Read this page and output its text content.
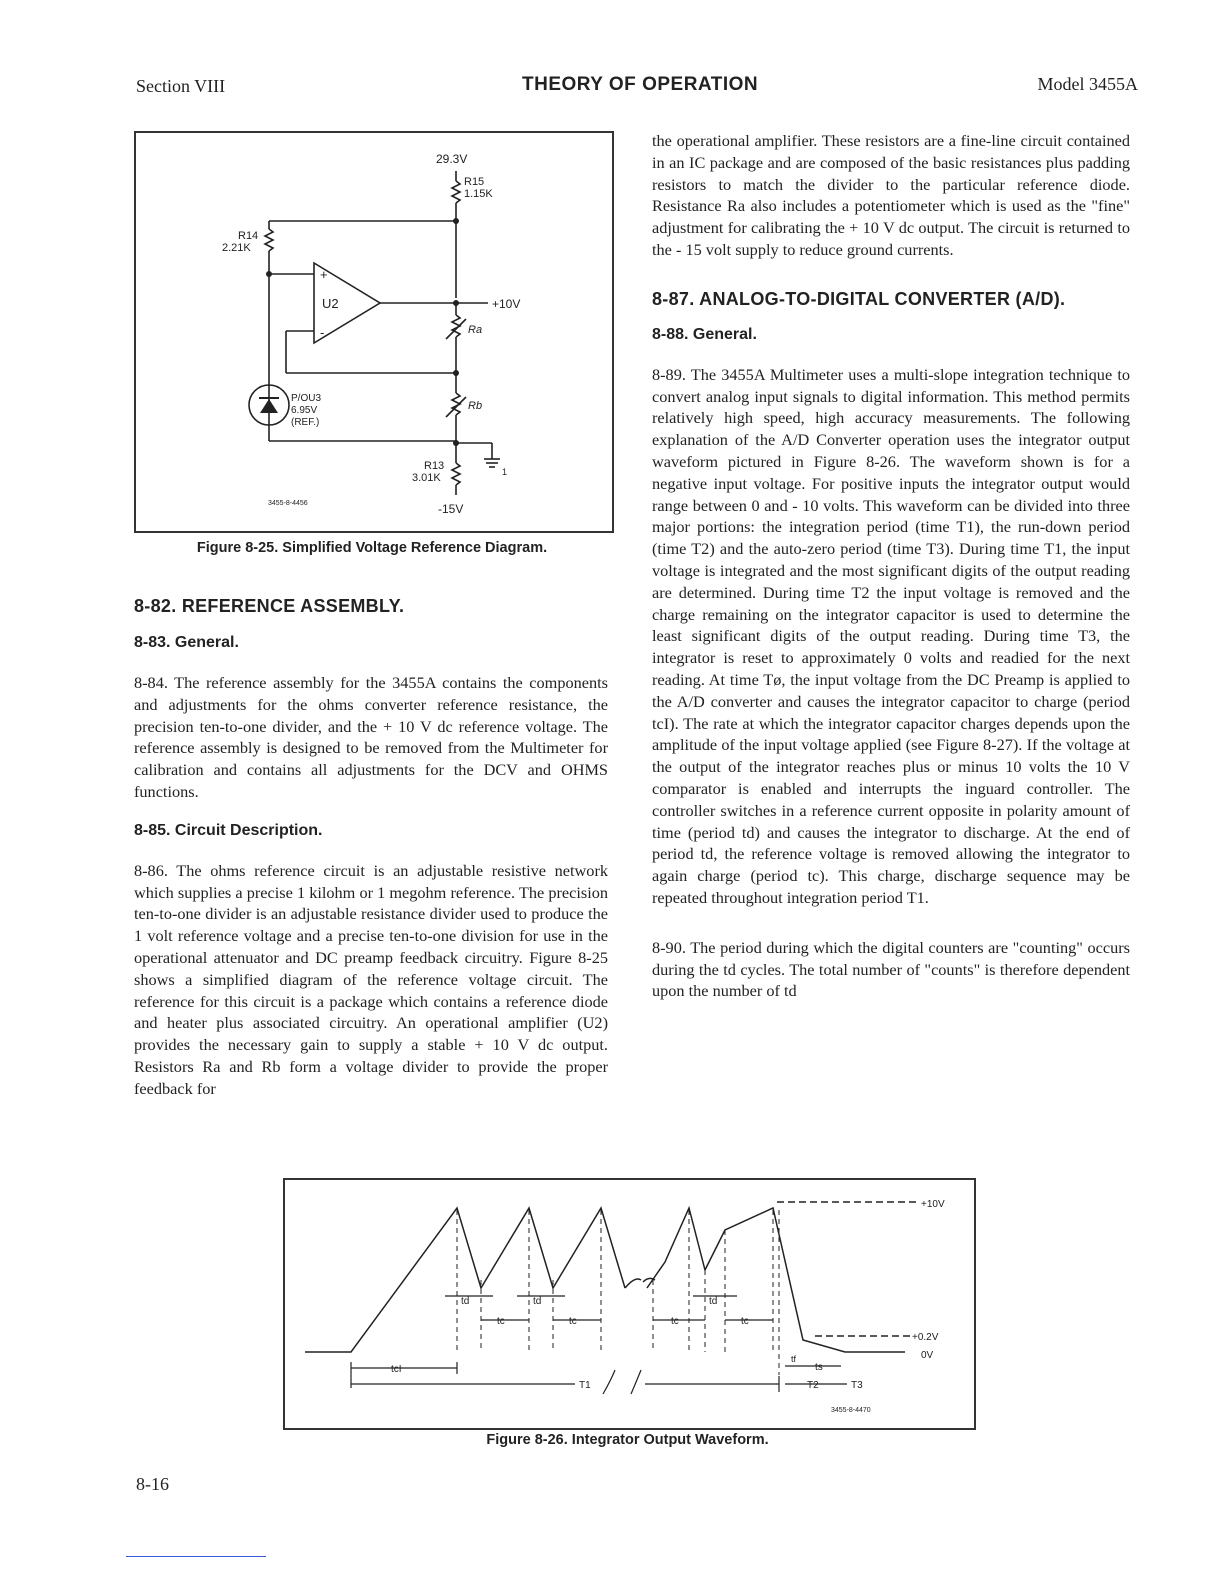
Section VIII	THEORY OF OPERATION	Model 3455A
29.3V
R15
1.15K
R14
2.21K
+
-
U2	+10V
Ra
Rb
P/OU3
6.95V
(REF.)
R13
3.01K	1
-15V
3455-8-4456
Figure 8-25. Simplified Voltage Reference Diagram.
8-82. REFERENCE ASSEMBLY.
8-83. General.

8-84. The reference assembly for the 3455A contains the components and adjustments for the ohms converter reference resistance, the precision ten-to-one divider, and the + 10 V dc reference voltage. The reference assembly is designed to be removed from the Multimeter for calibration and contains all adjustments for the DCV and OHMS functions.

8-85. Circuit Description.

8-86. The ohms reference circuit is an adjustable resistive network which supplies a precise 1 kilohm or 1 megohm reference. The precision ten-to-one divider is an adjustable resistance divider used to produce the 1 volt reference voltage and a precise ten-to-one division for use in the operational attenuator and DC preamp feedback circuitry. Figure 8-25 shows a simplified diagram of the reference voltage circuit. The reference for this circuit is a package which contains a reference diode and heater plus associated circuitry. An operational amplifier (U2) provides the necessary gain to supply a stable + 10 V dc output. Resistors Ra and Rb form a voltage divider to provide the proper feedback for

the operational amplifier. These resistors are a fine-line circuit contained in an IC package and are composed of the basic resistances plus padding resistors to match the divider to the particular reference diode. Resistance Ra also includes a potentiometer which is used as the "fine" adjustment for calibrating the + 10 V dc output. The circuit is returned to the - 15 volt supply to reduce ground currents.

8-87. ANALOG-TO-DIGITAL CONVERTER (A/D).
8-88. General.

8-89. The 3455A Multimeter uses a multi-slope integration technique to convert analog input signals to digital information. This method permits relatively high speed, high accuracy measurements. The following explanation of the A/D Converter operation uses the integrator output waveform pictured in Figure 8-26. The waveform shown is for a negative input voltage. For positive inputs the integrator output would range between 0 and - 10 volts. This waveform can be divided into three major portions: the integration period (time T1), the run-down period (time T2) and the auto-zero period (time T3). During time T1, the input voltage is integrated and the most significant digits of the output reading are determined. During time T2 the input voltage is removed and the charge remaining on the integrator capacitor is used to determine the least significant digits of the output reading. During time T3, the integrator is reset to approximately 0 volts and readied for the next reading. At time Tø, the input voltage from the DC Preamp is applied to the A/D converter and causes the integrator capacitor to charge (period tcI). The rate at which the integrator capacitor charges depends upon the amplitude of the input voltage applied (see Figure 8-27). If the voltage at the output of the integrator reaches plus or minus 10 volts the 10 V comparator is enabled and interrupts the inguard controller. The controller switches in a reference current opposite in polarity amount of time (period td) and causes the integrator to discharge. At the end of period td, the reference voltage is removed allowing the integrator to again charge (period tc). This charge, discharge sequence may be repeated throughout integration period T1.

8-90. The period during which the digital counters are "counting" occurs during the td cycles. The total number of "counts" is therefore dependent upon the number of td

+10V
+0.2V
0V
td	td	td
tc	tc	tc	tc
tcI
T1
tf
ts
T2	T3
3455-8-4470
Figure 8-26. Integrator Output Waveform.
8-16
